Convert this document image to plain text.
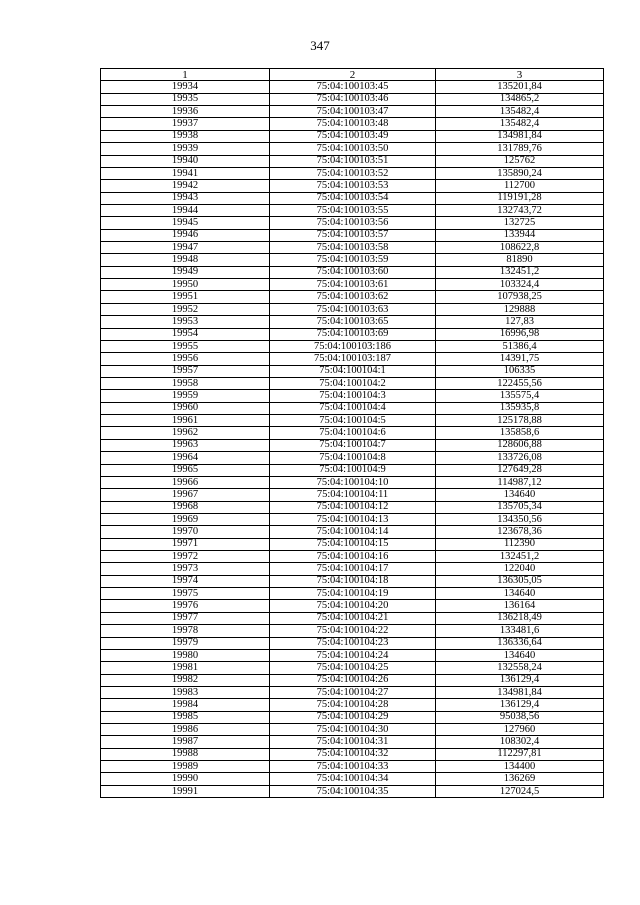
347
1	2	3
19934	75:04:100103:45	135201,84
19935	75:04:100103:46	134865,2
19936	75:04:100103:47	135482,4
19937	75:04:100103:48	135482,4
19938	75:04:100103:49	134981,84
19939	75:04:100103:50	131789,76
19940	75:04:100103:51	125762
19941	75:04:100103:52	135890,24
19942	75:04:100103:53	112700
19943	75:04:100103:54	119191,28
19944	75:04:100103:55	132743,72
19945	75:04:100103:56	132725
19946	75:04:100103:57	133944
19947	75:04:100103:58	108622,8
19948	75:04:100103:59	81890
19949	75:04:100103:60	132451,2
19950	75:04:100103:61	103324,4
19951	75:04:100103:62	107938,25
19952	75:04:100103:63	129888
19953	75:04:100103:65	127,83
19954	75:04:100103:69	16996,98
19955	75:04:100103:186	51386,4
19956	75:04:100103:187	14391,75
19957	75:04:100104:1	106335
19958	75:04:100104:2	122455,56
19959	75:04:100104:3	135575,4
19960	75:04:100104:4	135935,8
19961	75:04:100104:5	125178,88
19962	75:04:100104:6	135858,6
19963	75:04:100104:7	128606,88
19964	75:04:100104:8	133726,08
19965	75:04:100104:9	127649,28
19966	75:04:100104:10	114987,12
19967	75:04:100104:11	134640
19968	75:04:100104:12	135705,34
19969	75:04:100104:13	134350,56
19970	75:04:100104:14	123678,36
19971	75:04:100104:15	112390
19972	75:04:100104:16	132451,2
19973	75:04:100104:17	122040
19974	75:04:100104:18	136305,05
19975	75:04:100104:19	134640
19976	75:04:100104:20	136164
19977	75:04:100104:21	136218,49
19978	75:04:100104:22	133481,6
19979	75:04:100104:23	136336,64
19980	75:04:100104:24	134640
19981	75:04:100104:25	132558,24
19982	75:04:100104:26	136129,4
19983	75:04:100104:27	134981,84
19984	75:04:100104:28	136129,4
19985	75:04:100104:29	95038,56
19986	75:04:100104:30	127960
19987	75:04:100104:31	108302,4
19988	75:04:100104:32	112297,81
19989	75:04:100104:33	134400
19990	75:04:100104:34	136269
19991	75:04:100104:35	127024,5
